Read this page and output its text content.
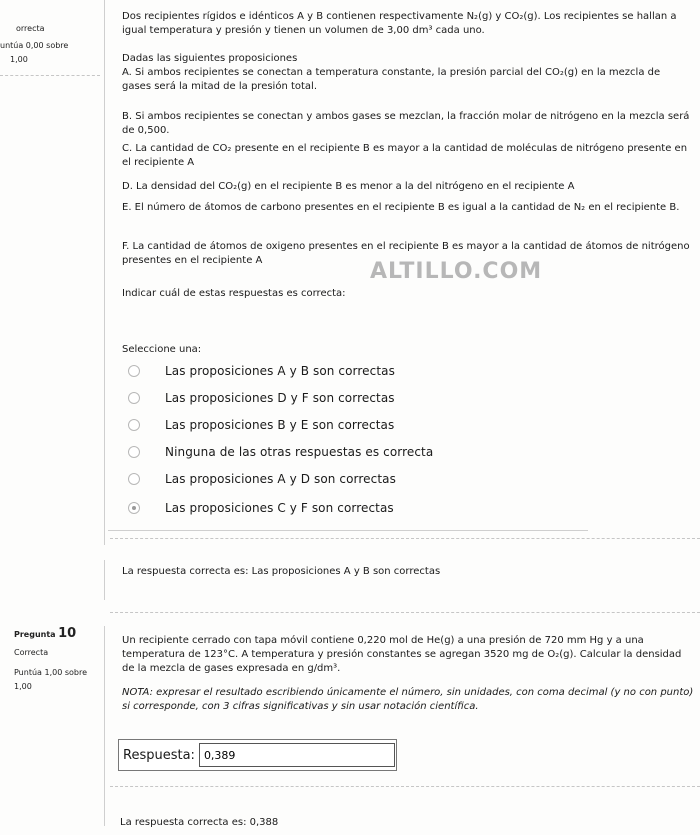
orrecta
untúa 0,00 sobre
1,00
Dos recipientes rígidos e idénticos A y B contienen respectivamente N₂(g) y CO₂(g). Los recipientes se hallan a igual temperatura y presión y tienen un volumen de 3,00 dm³ cada uno.
Dadas las siguientes proposiciones
A. Si ambos recipientes se conectan a temperatura constante, la presión parcial del CO₂(g) en la mezcla de gases será la mitad de la presión total.
B. Si ambos recipientes se conectan y ambos gases se mezclan, la fracción molar de nitrógeno en la mezcla será de 0,500.
C. La cantidad de CO₂ presente en el recipiente B es mayor a la cantidad de moléculas de nitrógeno presente en el recipiente A
D. La densidad del CO₂(g) en el recipiente B es menor a la del nitrógeno en el recipiente A
E. El número de átomos de carbono presentes en el recipiente B es igual a la cantidad de N₂ en el recipiente B.
F. La cantidad de átomos de oxigeno presentes en el recipiente B es mayor a la cantidad de átomos de nitrógeno presentes en el recipiente A
Indicar cuál de estas respuestas es correcta:
ALTILLO.COM
Seleccione una:
Las proposiciones A y B son correctas
Las proposiciones D y F son correctas
Las proposiciones B y E son correctas
Ninguna de las otras respuestas es correcta
Las proposiciones A y D son correctas
Las proposiciones C y F son correctas
La respuesta correcta es: Las proposiciones A y B son correctas
Pregunta 10
Correcta
Puntúa 1,00 sobre
1,00
Un recipiente cerrado con tapa móvil contiene 0,220 mol de He(g) a una presión de 720 mm Hg y a una temperatura de 123°C. A temperatura y presión constantes se agregan 3520 mg de O₂(g). Calcular la densidad de la mezcla de gases expresada en g/dm³.
NOTA: expresar el resultado escribiendo únicamente el número, sin unidades, con coma decimal (y no con punto) si corresponde, con 3 cifras significativas y sin usar notación científica.
Respuesta:
0,389
La respuesta correcta es: 0,388
